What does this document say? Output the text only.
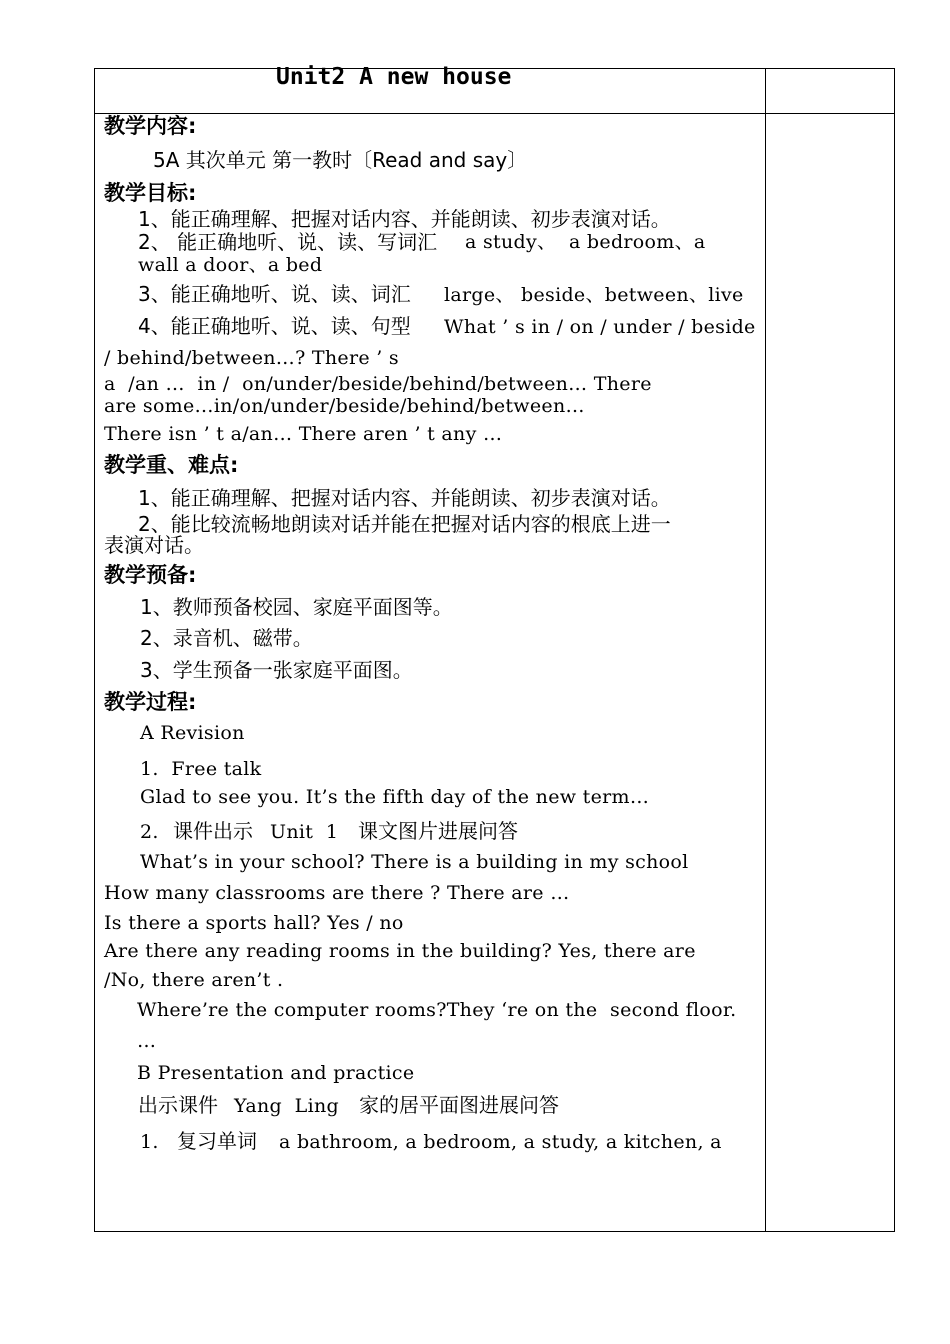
Unit2 A new house
教学内容:
5A 其次单元 第一教时〔Read and say〕
教学目标:
1、能正确理解、把握对话内容、并能朗读、初步表演对话。
2、 能正确地听、说、读、写词汇 a study、  a bedroom、a
wall a door、a bed
3、能正确地听、说、读、词汇 large、 beside、between、live
4、能正确地听、说、读、句型 What ’ s in / on / under / beside
/ behind/between…? There ’ s
a  /an …  in /  on/under/beside/behind/between… There
are some…in/on/under/beside/behind/between…
There isn ’ t a/an… There aren ’ t any …
教学重、难点:
1、能正确理解、把握对话内容、并能朗读、初步表演对话。
2、能比较流畅地朗读对话并能在把握对话内容的根底上进一
表演对话。
教学预备:
1、教师预备校园、家庭平面图等。
2、录音机、磁带。
3、学生预备一张家庭平面图。
教学过程:
A Revision
1.  Free talk
Glad to see you. It’s the fifth day of the new term…
2. 课件出示 Unit  1 课文图片进展问答
What’s in your school? There is a building in my school
How many classrooms are there ? There are …
Is there a sports hall? Yes / no
Are there any reading rooms in the building? Yes, there are
/No, there aren’t .
Where’re the computer rooms?They ‘re on the  second floor.
…
B Presentation and practice
出示课件 Yang  Ling 家的居平面图进展问答
1. 复习单词 a bathroom, a bedroom, a study, a kitchen, a
